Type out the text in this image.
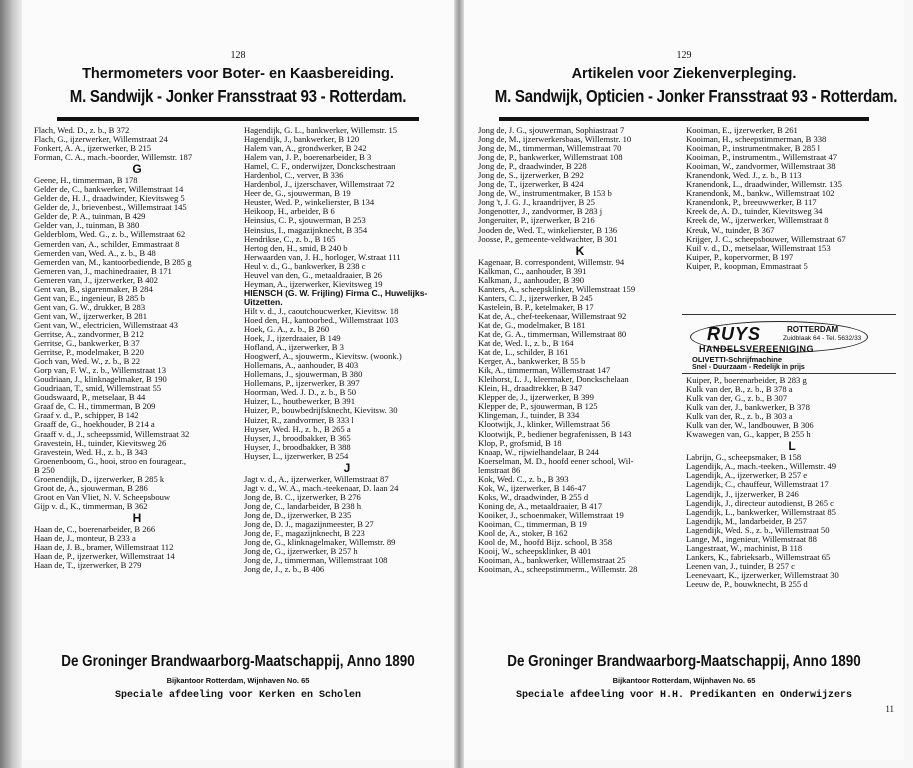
128
Thermometers voor Boter- en Kaasbereiding.
M. Sandwijk - Jonker Fransstraat 93 - Rotterdam.
Flach, Wed. D., z. b., B 372
Flach, G., ijzerwerker, Willemstraat 24
Fonkert, A. A., ijzerwerker, B 215
Forman, C. A., mach.-boorder, Willemstr. 187
G
Geene, H., timmerman, B 178
Gelder de, C., bankwerker, Willemstraat 14
Gelder de, H. J., draadwinder, Kievitsweg 5
Gelder de, J., brievenbest., Willemstraat 145
Gelder de, P. A., tuinman, B 429
Gelder van, J., tuinman, B 380
Gelderblom, Wed. G., z. b., Willemstraat 62
Gemerden van, A., schilder, Emmastraat 8
Gemerden van, Wed. A., z. b., B 48
Gemerden van, M., kantoorbediende, B 285 g
Gemeren van, J., machinedraaier, B 171
Gemeren van, J., ijzerwerker, B 402
Gent van, B., sigarenmaker, B 284
Gent van, E., ingenieur, B 285 b
Gent van, G. W., drukker, B 283
Gent van, W., ijzerwerker, B 281
Gent van, W., electricien, Willemstraat 43
Gerritse, A., zandvormer, B 212
Gerritse, G., bankwerker, B 37
Gerritse, P., modelmaker, B 220
Goch van, Wed. W., z. b., B 22
Gorp van, F. W., z. b., Willemstraat 13
Goudriaan, J., klinknagelmaker, B 190
Goudriaan, T., smid, Willemstraat 55
Goudswaard, P., metselaar, B 44
Graaf de, C. H., timmerman, B 209
Graaf v. d., P., schipper, B 142
Graaff de, G., hoekhouder, B 214 a
Graaff v. d., J., scheepssmid, Willemstraat 32
Gravestein, H., tuinder, Kievitsweg 26
Gravestein, Wed. H., z. b., B 343
Groenenboom, G., hooi, stroo en fouragear.,
B 250
Groenendijk, D., ijzerwerker, B 285 k
Groot de, A., sjouwerman, B 286
Groot en Van Vliet, N. V. Scheepsbouw
Gijp v. d., K., timmerman, B 362
H
Haan de, C., boerenarbeider, B 266
Haan de, J., monteur, B 233 a
Haan de, J. B., bramer, Willemstraat 112
Haan de, P., ijzerwerker, Willemstraat 14
Haan de, T., ijzerwerker, B 279
Hagendijk, G. L., bankwerker, Willemstr. 15
Hagendijk, J., bankwerker, B 120
Halem van, A., grondwerker, B 242
Halem van, J. P., boerenarbeider, B 3
Hamel, C. F., onderwijzer, Donckschestraan
Hardenbol, C., verver, B 336
Hardenbol, J., ijzerschaver, Willemstraat 72
Heer de, G., sjouwerman, B 19
Heuster, Wed. P., winkelierster, B 134
Heikoop, H., arbeider, B 6
Heinsius, C. P., sjouwerman, B 253
Heinsius, I., magazijnknecht, B 354
Hendrikse, C., z. b., B 165
Hertog den, H., smid, B 240 b
Herwaarden van, J. H., horloger, W.straat 111
Heul v. d., G., bankwerker, B 238 c
Heuvel van den, G., metaaldraaier, B 26
Heyman, A., ijzerwerker, Kievitsweg 19
HIENSCH (G. W. Frijling) Firma C., Huwelijks-
Uitzetten.
Hilt v. d., J., caoutchoucwerker, Kievitsw. 18
Hoed den, H., kantoorbed., Willemstraat 103
Hoek, G. A., z. b., B 260
Hoek, J., ijzerdraaier, B 149
Hofland, A., ijzerwerker, B 3
Hoogwerf, A., sjouwerm., Kievitsw. (woonk.)
Hollemans, A., aanhouder, B 403
Hollemans, J., sjouwerman, B 380
Hollemans, P., ijzerwerker, B 397
Hoorman, Wed. J. D., z. b., B 50
Huizer, L., houtbewerker, B 391
Huizer, P., bouwbedrijfsknecht, Kievitsw. 30
Huizer, R., zandvormer, B 333 l
Huyser, Wed. H., z. b., B 265 a
Huyser, J., broodbakker, B 365
Huyser, J., broodbakker, B 388
Huyser, L., ijzerwerker, B 254
J
Jagt v. d., A., ijzerwerker, Willemstraat 87
Jagt v. d., W. A., mach.-teekenaar, D. laan 24
Jong de, B. C., ijzerwerker, B 276
Jong de, C., landarbeider, B 238 h
Jong de, D., ijzerwerker, B 235
Jong de, D. J., magazijnmeester, B 27
Jong de, F., magazijnknecht, B 223
Jong de, G., klinknagelmaker, Willemstr. 89
Jong de, G., ijzerwerker, B 257 h
Jong de, J., timmerman, Willemstraat 108
Jong de, J., z. b., B 406
De Groninger Brandwaarborg-Maatschappij, Anno 1890
Bijkantoor Rotterdam, Wijnhaven No. 65
Speciale afdeeling voor Kerken en Scholen
129
Artikelen voor Ziekenverpleging.
M. Sandwijk, Opticien - Jonker Fransstraat 93 - Rotterdam.
Jong de, J. G., sjouwerman, Sophiastraat 7
Jong de, M., ijzerwerkersbaas, Willemstr. 10
Jong de, M., timmerman, Willemstraat 70
Jong de, P., bankwerker, Willemstraat 108
Jong de, P., draadwinder, B 228
Jong de, S., ijzerwerker, B 292
Jong de, T., ijzerwerker, B 424
Jong de, W., instrumentmaker, B 153 b
Jong 't, J. G. J., kraandrijver, B 25
Jongenotter, J., zandvormer, B 283 j
Jongeruiter, P., ijzerwerker, B 216
Jooden de, Wed. T., winkelierster, B 136
Joosse, P., gemeente-veldwachter, B 301
K
Kagenaar, B. correspondent, Willemstr. 94
Kalkman, C., aanhouder, B 391
Kalkman, J., aanhouder, B 390
Kanters, A., scheepsklinker, Willemstraat 159
Kanters, C. J., ijzerwerker, B 245
Kastelein, B. P., ketelmaker, B 17
Kat de, A., chef-teekenaar, Willemstraat 92
Kat de, G., modelmaker, B 181
Kat de, G. A., timmerman, Willemstraat 80
Kat de, Wed. I., z. b., B 164
Kat de, L., schilder, B 161
Kerger, A., bankwerker, B 55 b
Kik, A., timmerman, Willemstraat 147
Kleihorst, L. J., kleermaker, Donckschelaan
Klein, H., draadtrekker, B 347
Klepper de, J., ijzerwerker, B 399
Klepper de, P., sjouwerman, B 125
Klingeman, J., tuinder, B 334
Klootwijk, J., klinker, Willemstraat 56
Klootwijk, P., bediener begrafenissen, B 143
Klop, P., grofsmid, B 18
Knaap, W., rijwielhandelaar, B 244
Koerselman, M. D., hoofd eener school, Wil-
lemstraat 86
Kok, Wed. C., z. b., B 393
Kok, W., ijzerwerker, B 146-47
Koks, W., draadwinder, B 255 d
Koning de, A., metaaldraaier, B 417
Kooiker, J., schoenmaker, Willemstraat 19
Kooiman, C., timmerman, B 19
Kool de, A., stoker, B 162
Kool de, M., hoofd Bijz. school, B 358
Kooij, W., scheepsklinker, B 401
Kooiman, A., bankwerker, Willemstraat 25
Kooiman, A., scheepstimmerm., Willemstr. 28
Kooiman, E., ijzerwerker, B 261
Kooiman, H., scheepstimmerman, B 338
Kooiman, P., instrumentmaker, B 285 l
Kooiman, P., instrumentm., Willemstraat 47
Kooiman, W., zandvormer, Willemstraat 38
Kranendonk, Wed. J., z. b., B 113
Kranendonk, L., draadwinder, Willemstr. 135
Kranendonk, M., bankw., Willemstraat 102
Kranendonk, P., breeuwwerker, B 117
Kreek de, A. D., tuinder, Kievitsweg 34
Kreek de, W., ijzerwerker, Willemstraat 8
Kreuk, W., tuinder, B 367
Krijger, J. C., scheepsbouwer, Willemstraat 67
Kuil v. d., D., metselaar, Willemstraat 153
Kuiper, P., kopervormer, B 197
Kuiper, P., koopman, Emmastraat 5
RUYS	ROTTERDAM
Zuidblaak 64 - Tel. 5632/33
HANDELSVEREENIGING
OLIVETTI-Schrijfmachine
Snel - Duurzaam - Redelijk in prijs
Kuiper, P., boerenarbeider, B 283 g
Kulk van der, B., z. b., B 378 a
Kulk van der, G., z. b., B 307
Kulk van der, J., bankwerker, B 378
Kulk van der, R., z. b., B 303 a
Kulk van der, W., landbouwer, B 306
Kwawegen van, G., kapper, B 255 h
L
Labrijn, G., scheepsmaker, B 158
Lagendijk, A., mach.-teeken., Willemstr. 49
Lagendijk, A., ijzerwerker, B 257 e
Lagendijk, C., chauffeur, Willemstraat 17
Lagendijk, J., ijzerwerker, B 246
Lagendijk, J., directeur autodienst, B 265 c
Lagendijk, L., bankwerker, Willemstraat 85
Lagendijk, M., landarbeider, B 257
Lagendijk, Wed. S., z. b., Willemstraat 50
Lange, M., ingenieur, Willemstraat 88
Langestraat, W., machinist, B 118
Lankers, K., fabrieksarb., Willemstraat 65
Leenen van, J., tuinder, B 257 c
Leenevaart, K., ijzerwerker, Willemstraat 30
Leeuw de, P., bouwknecht, B 255 d
De Groninger Brandwaarborg-Maatschappij, Anno 1890
Bijkantoor Rotterdam, Wijnhaven No. 65
Speciale afdeeling voor H.H. Predikanten en Onderwijzers
11
